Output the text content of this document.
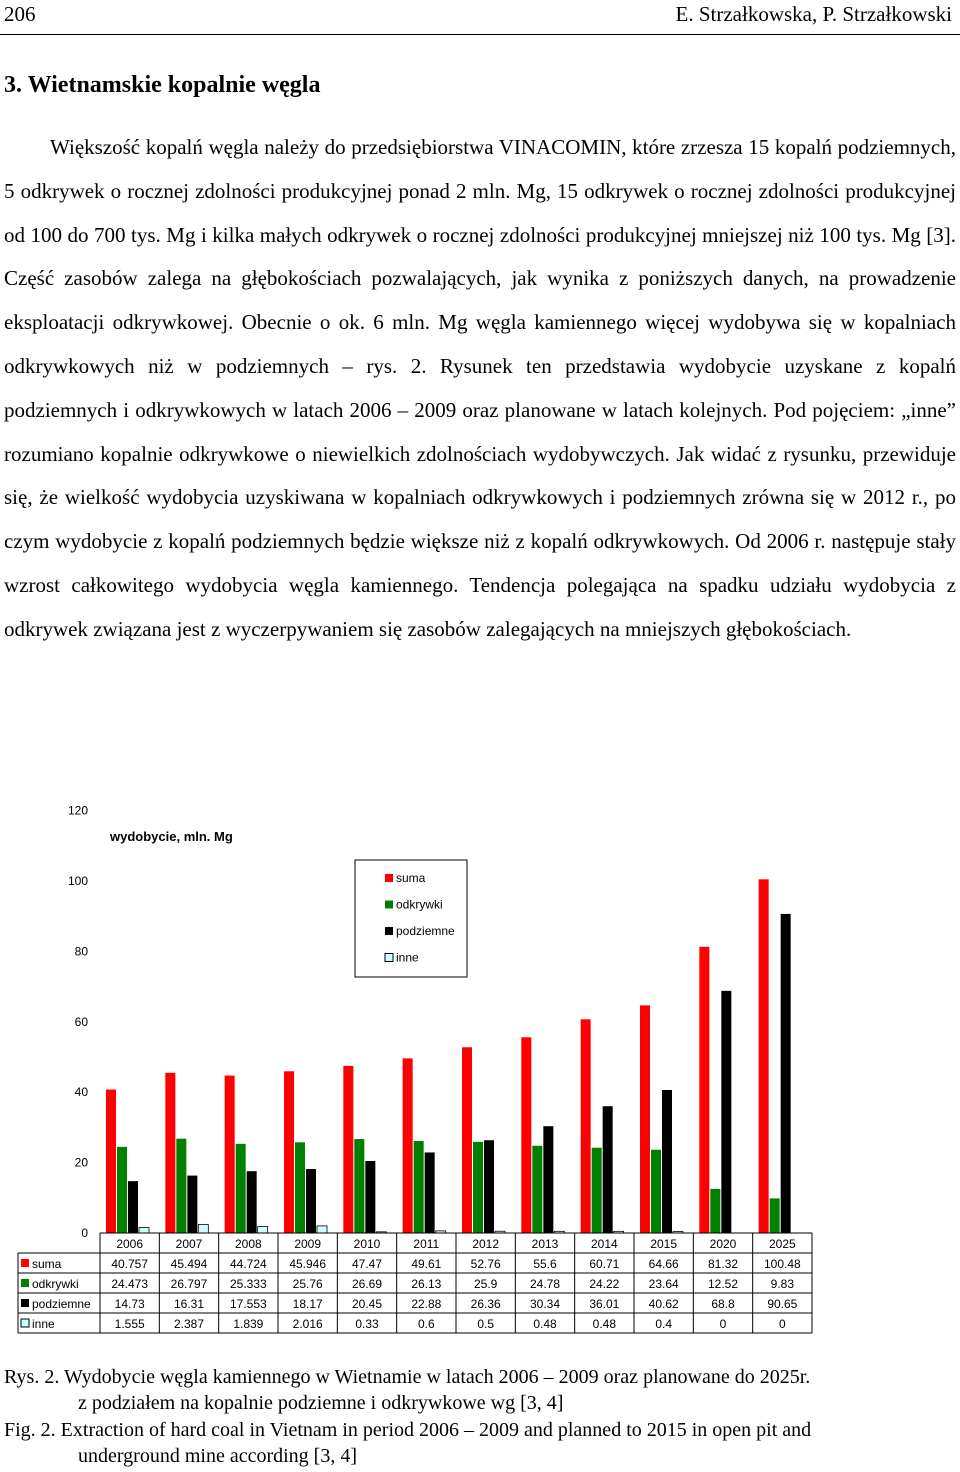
206	E. Strzałkowska, P. Strzałkowski
3. Wietnamskie kopalnie węgla

Większość kopalń węgla należy do przedsiębiorstwa VINACOMIN, które zrzesza 15 kopalń podziemnych, 5 odkrywek o rocznej zdolności produkcyjnej ponad 2 mln. Mg, 15 odkrywek o rocznej zdolności produkcyjnej od 100 do 700 tys. Mg i kilka małych odkrywek o rocznej zdolności produkcyjnej mniejszej niż 100 tys. Mg [3]. Część zasobów zalega na głębokościach pozwalających, jak wynika z poniższych danych, na prowadzenie eksploatacji odkrywkowej. Obecnie o ok. 6 mln. Mg węgla kamiennego więcej wydobywa się w kopalniach odkrywkowych niż w podziemnych – rys. 2. Rysunek ten przedstawia wydobycie uzyskane z kopalń podziemnych i odkrywkowych w latach 2006 – 2009 oraz planowane w latach kolejnych. Pod pojęciem: „inne” rozumiano kopalnie odkrywkowe o niewielkich zdolnościach wydobywczych. Jak widać z rysunku, przewiduje się, że wielkość wydobycia uzyskiwana w kopalniach odkrywkowych i podziemnych zrówna się w 2012 r., po czym wydobycie z kopalń podziemnych będzie większe niż z kopalń odkrywkowych. Od 2006 r. następuje stały wzrost całkowitego wydobycia węgla kamiennego. Tendencja polegająca na spadku udziału wydobycia z odkrywek związana jest z wyczerpywaniem się zasobów zalegających na mniejszych głębokościach.

0
20
40
60
80
100
120
wydobycie, mln. Mg
suma
odkrywki
podziemne
inne
2006	2007	2008	2009	2010	2011	2012	2013	2014	2015	2020	2025
suma	40.757 45.494 44.724 45.946 47.47 49.61 52.76	55.6	60.71 64.66 81.32 100.48
odkrywki	24.473 26.797 25.333 25.76 26.69 26.13	25.9	24.78 24.22 23.64 12.52	9.83
podziemne 14.73 16.31 17.553 18.17 20.45 22.88 26.36 30.34 36.01 40.62	68.8	90.65
inne	1.555 2.387 1.839 2.016	0.33	0.6	0.5	0.48	0.48	0.4	0	0
Rys. 2. Wydobycie węgla kamiennego w Wietnamie w latach 2006 – 2009 oraz planowane do 2025r.
z podziałem na kopalnie podziemne i odkrywkowe wg [3, 4]
Fig. 2. Extraction of hard coal in Vietnam in period 2006 – 2009 and planned to 2015 in open pit and
underground mine according [3, 4]
